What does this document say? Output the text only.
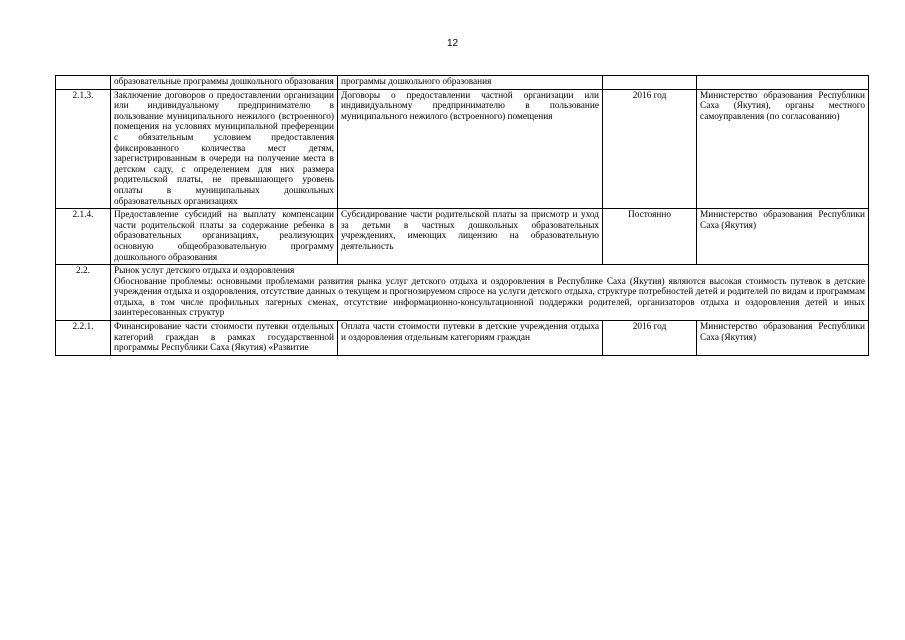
12
	образовательные программы дошкольного образования	программы дошкольного образования		
2.1.3.	Заключение договоров о предоставлении организации или индивидуальному предпринимателю в пользование муниципального нежилого (встроенного) помещения на условиях муниципальной преференции с обязательным условием предоставления фиксированного количества мест детям, зарегистрированным в очереди на получение места в детском саду, с определением для них размера родительской платы, не превышающего уровень оплаты в муниципальных дошкольных образовательных организациях	Договоры о предоставлении частной организации или индивидуальному предпринимателю в пользование муниципального нежилого (встроенного) помещения	2016 год	Министерство образования Республики Саха (Якутия), органы местного самоуправления (по согласованию)
2.1.4.	Предоставление субсидий на выплату компенсации части родительской платы за содержание ребенка в образовательных организациях, реализующих основную общеобразовательную программу дошкольного образования	Субсидирование части родительской платы за присмотр и уход за детьми в частных дошкольных образовательных учреждениях, имеющих лицензию на образовательную деятельность	Постоянно	Министерство образования Республики Саха (Якутия)
2.2.	Рынок услуг детского отдыха и оздоровления
Обоснование проблемы: основными проблемами развития рынка услуг детского отдыха и оздоровления в Республике Саха (Якутия) являются высокая стоимость путевок в детские учреждения отдыха и оздоровления, отсутствие данных о текущем и прогнозируемом спросе на услуги детского отдыха, структуре потребностей детей и родителей по видам и программам отдыха, в том числе профильных лагерных сменах, отсутствие информационно-консультационной поддержки родителей, организаторов отдыха и оздоровления детей и иных заинтересованных структур			

2.2.1.	Финансирование части стоимости путевки отдельных категорий граждан в рамках государственной программы Республики Саха (Якутия) «Развитие	Оплата части стоимости путевки в детские учреждения отдыха и оздоровления отдельным категориям граждан	2016 год	Министерство образования Республики Саха (Якутия)
